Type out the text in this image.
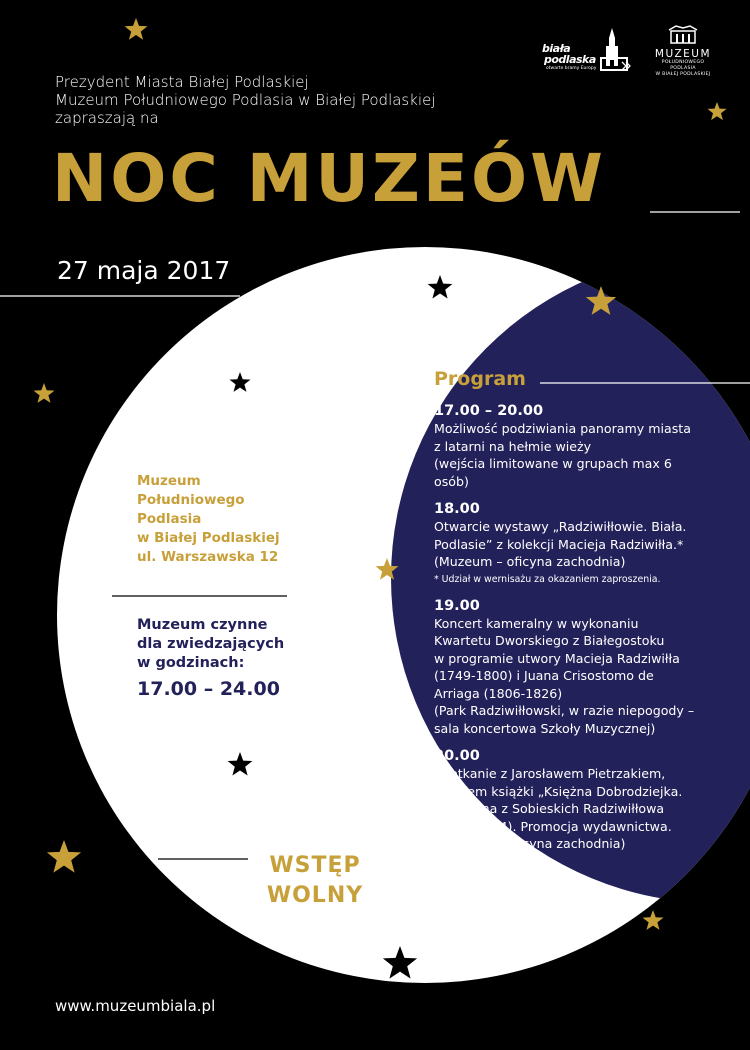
biała
podlaska
otwarte bramy Europy
MUZEUM
POŁUDNIOWEGO PODLASIA
W BIAŁEJ PODLASKIEJ
Prezydent Miasta Białej Podlaskiej
Muzeum Południowego Podlasia w Białej Podlaskiej
zapraszają na
NOC MUZEÓW
27 maja 2017
Muzeum
Południowego
Podlasia
w Białej Podlaskiej
ul. Warszawska 12
Muzeum czynne
dla zwiedzających
w godzinach:
17.00 – 24.00
WSTĘP
WOLNY
Program
17.00 – 20.00
Możliwość podziwiania panoramy miasta
z latarni na hełmie wieży
(wejścia limitowane w grupach max 6
osób)
18.00
Otwarcie wystawy „Radziwiłłowie. Biała.
Podlasie” z kolekcji Macieja Radziwiłła.*
(Muzeum – oficyna zachodnia)
* Udział w wernisażu za okazaniem zaproszenia.
19.00
Koncert kameralny w wykonaniu
Kwartetu Dworskiego z Białegostoku
w programie utwory Macieja Radziwiłła
(1749-1800) i Juana Crisostomo de
Arriaga (1806-1826)
(Park Radziwiłłowski, w razie niepogody –
sala koncertowa Szkoły Muzycznej)
20.00
Spotkanie z Jarosławem Pietrzakiem,
autorem książki „Księżna Dobrodziejka.
Katarzyna z Sobieskich Radziwiłłowa
(1634-1694). Promocja wydawnictwa.
(Muzeum – oficyna zachodnia)
www.muzeumbiala.pl
